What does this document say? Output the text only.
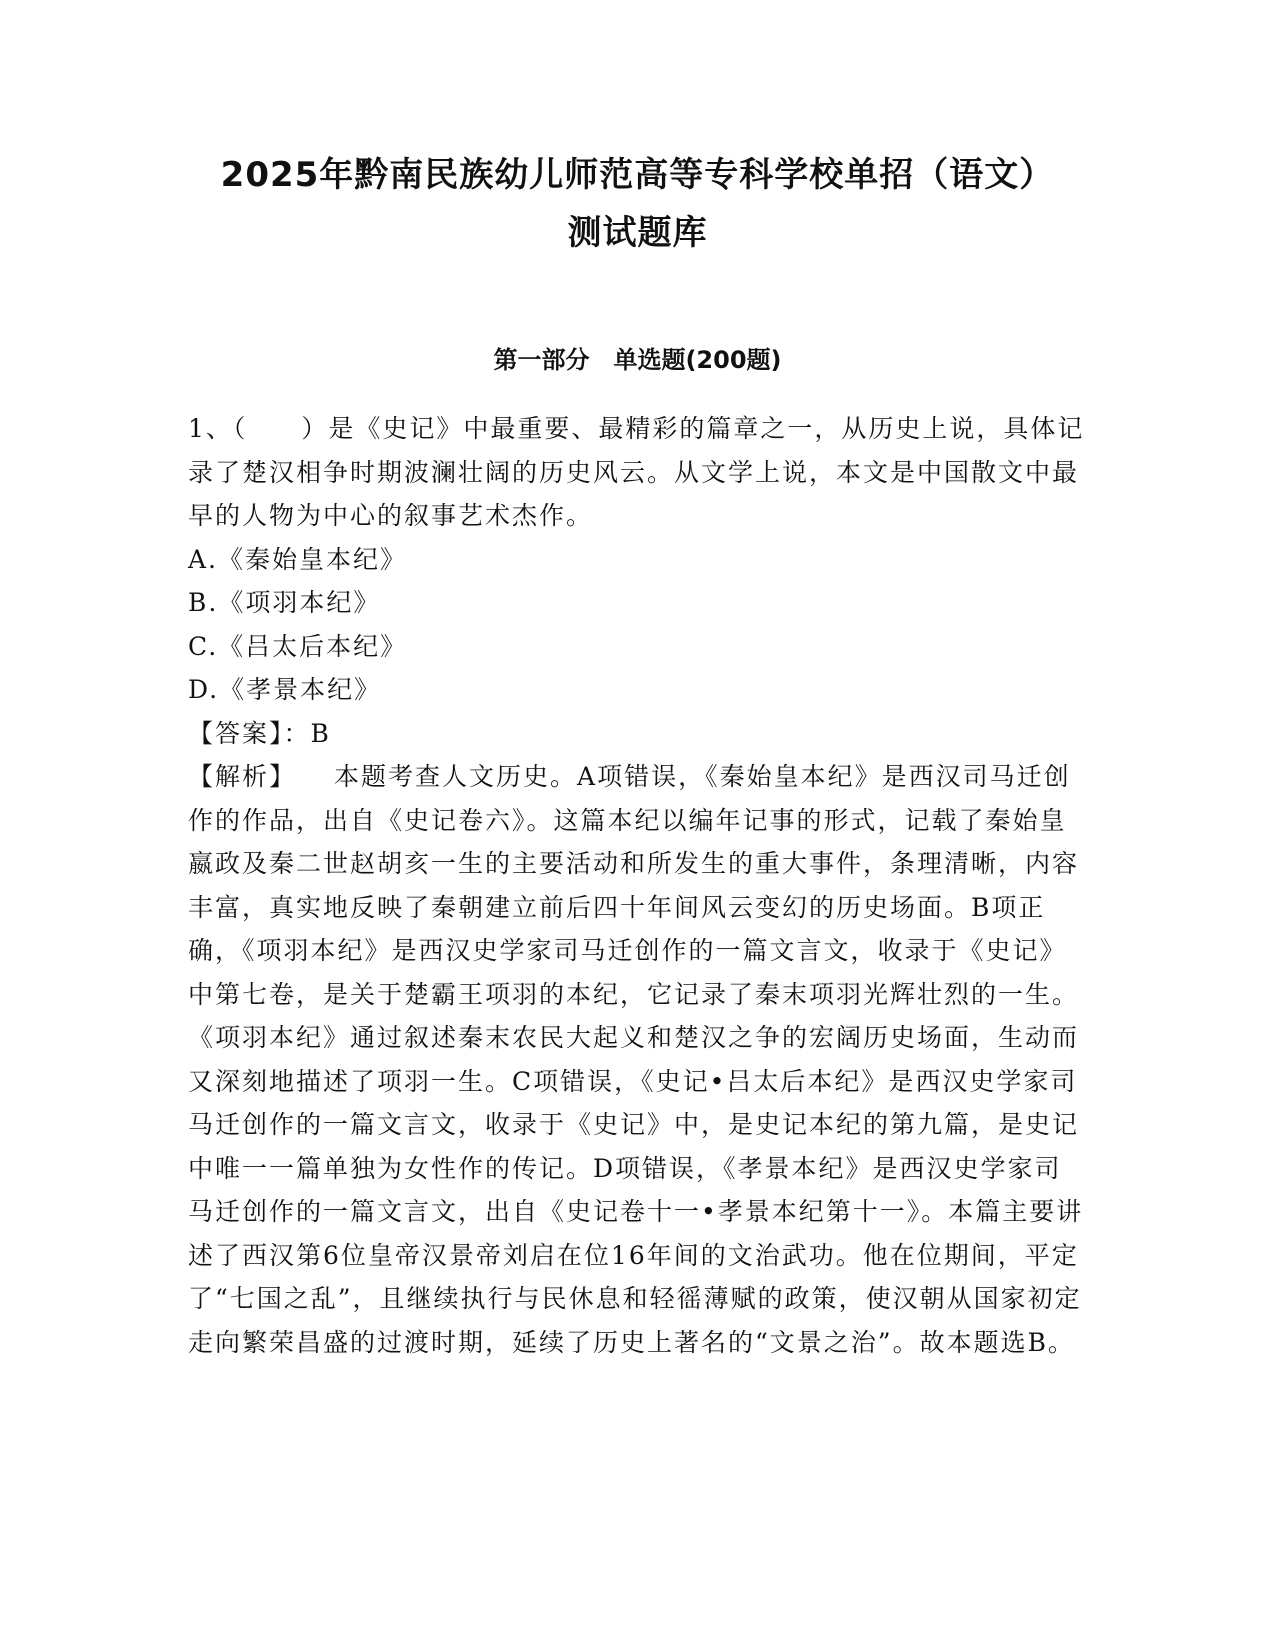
2025年黔南民族幼儿师范高等专科学校单招（语文）
测试题库
第一部分　单选题(200题)

1、（　　）是《史记》中最重要、最精彩的篇章之一，从历史上说，具体记录了楚汉相争时期波澜壮阔的历史风云。从文学上说，本文是中国散文中最早的人物为中心的叙事艺术杰作。

A.《秦始皇本纪》

B.《项羽本纪》

C.《吕太后本纪》

D.《孝景本纪》

【答案】：B

【解析】 本题考查人文历史。A项错误，《秦始皇本纪》是西汉司马迁创作的作品，出自《史记卷六》。这篇本纪以编年记事的形式，记载了秦始皇嬴政及秦二世赵胡亥一生的主要活动和所发生的重大事件，条理清晰，内容丰富，真实地反映了秦朝建立前后四十年间风云变幻的历史场面。B项正确，《项羽本纪》是西汉史学家司马迁创作的一篇文言文，收录于《史记》中第七卷，是关于楚霸王项羽的本纪，它记录了秦末项羽光辉壮烈的一生。《项羽本纪》通过叙述秦末农民大起义和楚汉之争的宏阔历史场面，生动而又深刻地描述了项羽一生。C项错误，《史记•吕太后本纪》是西汉史学家司马迁创作的一篇文言文，收录于《史记》中，是史记本纪的第九篇，是史记中唯一一篇单独为女性作的传记。D项错误，《孝景本纪》是西汉史学家司马迁创作的一篇文言文，出自《史记卷十一•孝景本纪第十一》。本篇主要讲述了西汉第6位皇帝汉景帝刘启在位16年间的文治武功。他在位期间，平定了“七国之乱”，且继续执行与民休息和轻徭薄赋的政策，使汉朝从国家初定走向繁荣昌盛的过渡时期，延续了历史上著名的“文景之治”。故本题选B。
